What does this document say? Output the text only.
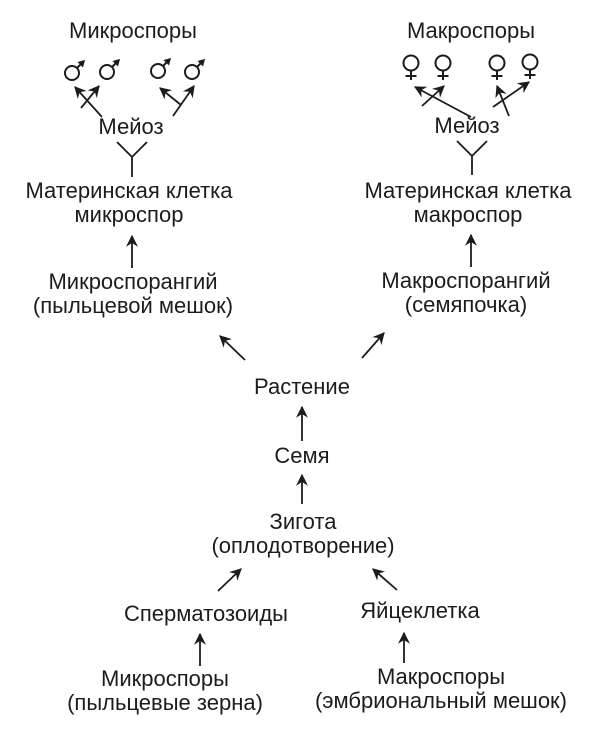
Микроспоры	Макроспоры
Мейоз	Мейоз
Материнская клетка
микроспор
Материнская клетка
макроспор
Микроспорангий
(пыльцевой мешок)
Макроспорангий
(семяпочка)
Растение
Семя
Зигота
(оплодотворение)
Сперматозоиды	Яйцеклетка
Микроспоры
(пыльцевые зерна)
Макроспоры
(эмбриональный мешок)
